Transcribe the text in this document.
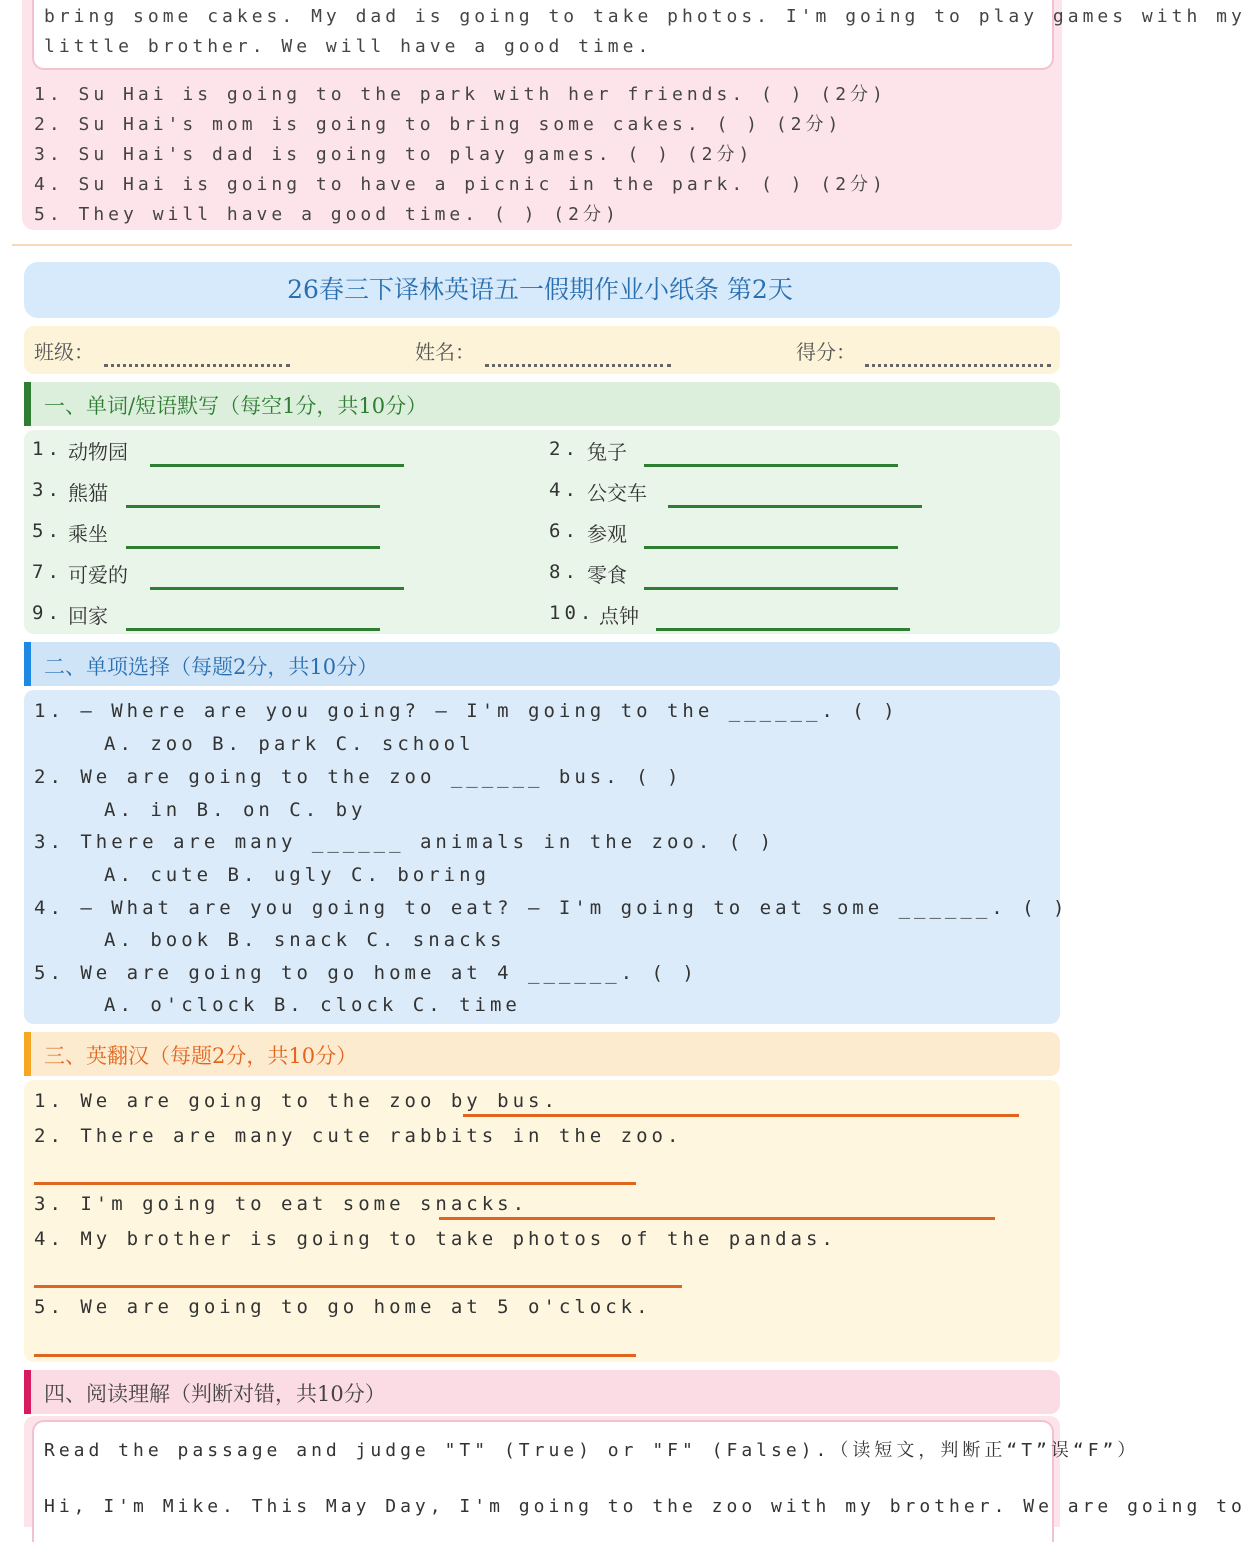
bring some cakes. My dad is going to take photos. I'm going to play games with my
little brother. We will have a good time.
1. Su Hai is going to the park with her friends. ( ) (2分)
2. Su Hai's mom is going to bring some cakes. ( ) (2分)
3. Su Hai's dad is going to play games. ( ) (2分)
4. Su Hai is going to have a picnic in the park. ( ) (2分)
5. They will have a good time. ( ) (2分)
26春三下译林英语五一假期作业小纸条 第2天
班级：	姓名：	得分：
一、单词/短语默写（每空1分，共10分）
1. 动物园
3. 熊猫
5. 乘坐
7. 可爱的
9. 回家
2. 兔子
4. 公交车
6. 参观
8. 零食
10. 点钟
二、单项选择（每题2分，共10分）
1. — Where are you going? — I'm going to the ______. ( )
A. zoo B. park C. school
2. We are going to the zoo ______ bus. ( )
A. in B. on C. by
3. There are many ______ animals in the zoo. ( )
A. cute B. ugly C. boring
4. — What are you going to eat? — I'm going to eat some ______. ( )
A. book B. snack C. snacks
5. We are going to go home at 4 ______. ( )
A. o'clock B. clock C. time
三、英翻汉（每题2分，共10分）
1. We are going to the zoo by bus.
2. There are many cute rabbits in the zoo.
3. I'm going to eat some snacks.
4. My brother is going to take photos of the pandas.
5. We are going to go home at 5 o'clock.
四、阅读理解（判断对错，共10分）
Read the passage and judge "T" (True) or "F" (False).（读短文，判断正“T”误“F”）
Hi, I'm Mike. This May Day, I'm going to the zoo with my brother. We are going to
